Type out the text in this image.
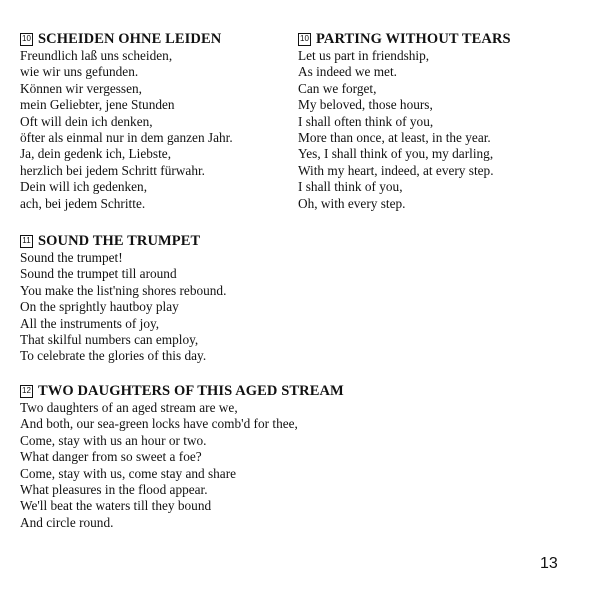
10 SCHEIDEN OHNE LEIDEN
Freundlich laß uns scheiden,
wie wir uns gefunden.
Können wir vergessen,
mein Geliebter, jene Stunden
Oft will dein ich denken,
öfter als einmal nur in dem ganzen Jahr.
Ja, dein gedenk ich, Liebste,
herzlich bei jedem Schritt fürwahr.
Dein will ich gedenken,
ach, bei jedem Schritte.
10 PARTING WITHOUT TEARS
Let us part in friendship,
As indeed we met.
Can we forget,
My beloved, those hours,
I shall often think of you,
More than once, at least, in the year.
Yes, I shall think of you, my darling,
With my heart, indeed, at every step.
I shall think of you,
Oh, with every step.
11 SOUND THE TRUMPET
Sound the trumpet!
Sound the trumpet till around
You make the list'ning shores rebound.
On the sprightly hautboy play
All the instruments of joy,
That skilful numbers can employ,
To celebrate the glories of this day.
12 TWO DAUGHTERS OF THIS AGED STREAM
Two daughters of an aged stream are we,
And both, our sea-green locks have comb'd for thee,
Come, stay with us an hour or two.
What danger from so sweet a foe?
Come, stay with us, come stay and share
What pleasures in the flood appear.
We'll beat the waters till they bound
And circle round.
13
